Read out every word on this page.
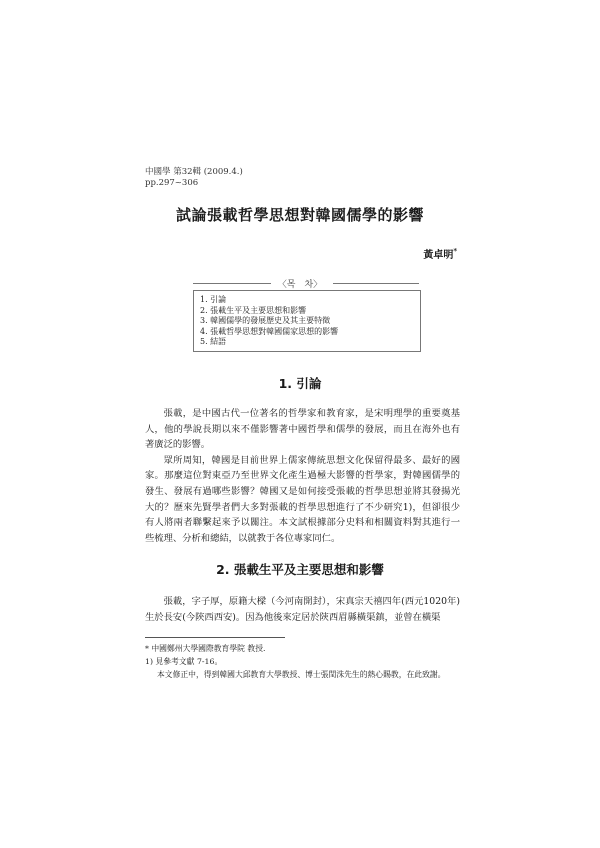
中國學 第32輯 (2009.4.)
pp.297~306
試論張載哲學思想對韓國儒學的影響
黃卓明*
〈목　차〉
1. 引論
2. 張載生平及主要思想和影響
3. 韓國儒學的發展歷史及其主要特徵
4. 張載哲學思想對韓國儒家思想的影響
5. 結語
1. 引論

張載，是中國古代一位著名的哲學家和教育家，是宋明理學的重要奠基人，他的學說長期以來不僅影響著中國哲學和儒學的發展，而且在海外也有著廣泛的影響。

眾所周知，韓國是目前世界上儒家傳統思想文化保留得最多、最好的國家。那麼這位對東亞乃至世界文化產生過極大影響的哲學家，對韓國儒學的發生、發展有過哪些影響？韓國又是如何接受張載的哲學思想並將其發揚光大的？歷來先賢學者們大多對張載的哲學思想進行了不少研究1)，但卻很少有人將兩者聯繫起來予以關注。本文試根據部分史料和相關資料對其進行一些梳理、分析和總結，以就教于各位專家同仁。

2. 張載生平及主要思想和影響

張載，字子厚，原籍大樑（今河南開封），宋真宗天禧四年(西元1020年)生於長安(今陝西西安)。因為他後來定居於陝西眉縣橫渠鎮，並曾在橫渠

* 中國鄭州大學國際教育學院 教授.
1) 見參考文獻 7-16。
本文修正中，得到韓國大邱教育大學教授、博士張閏洙先生的熱心賜教，在此致謝。
